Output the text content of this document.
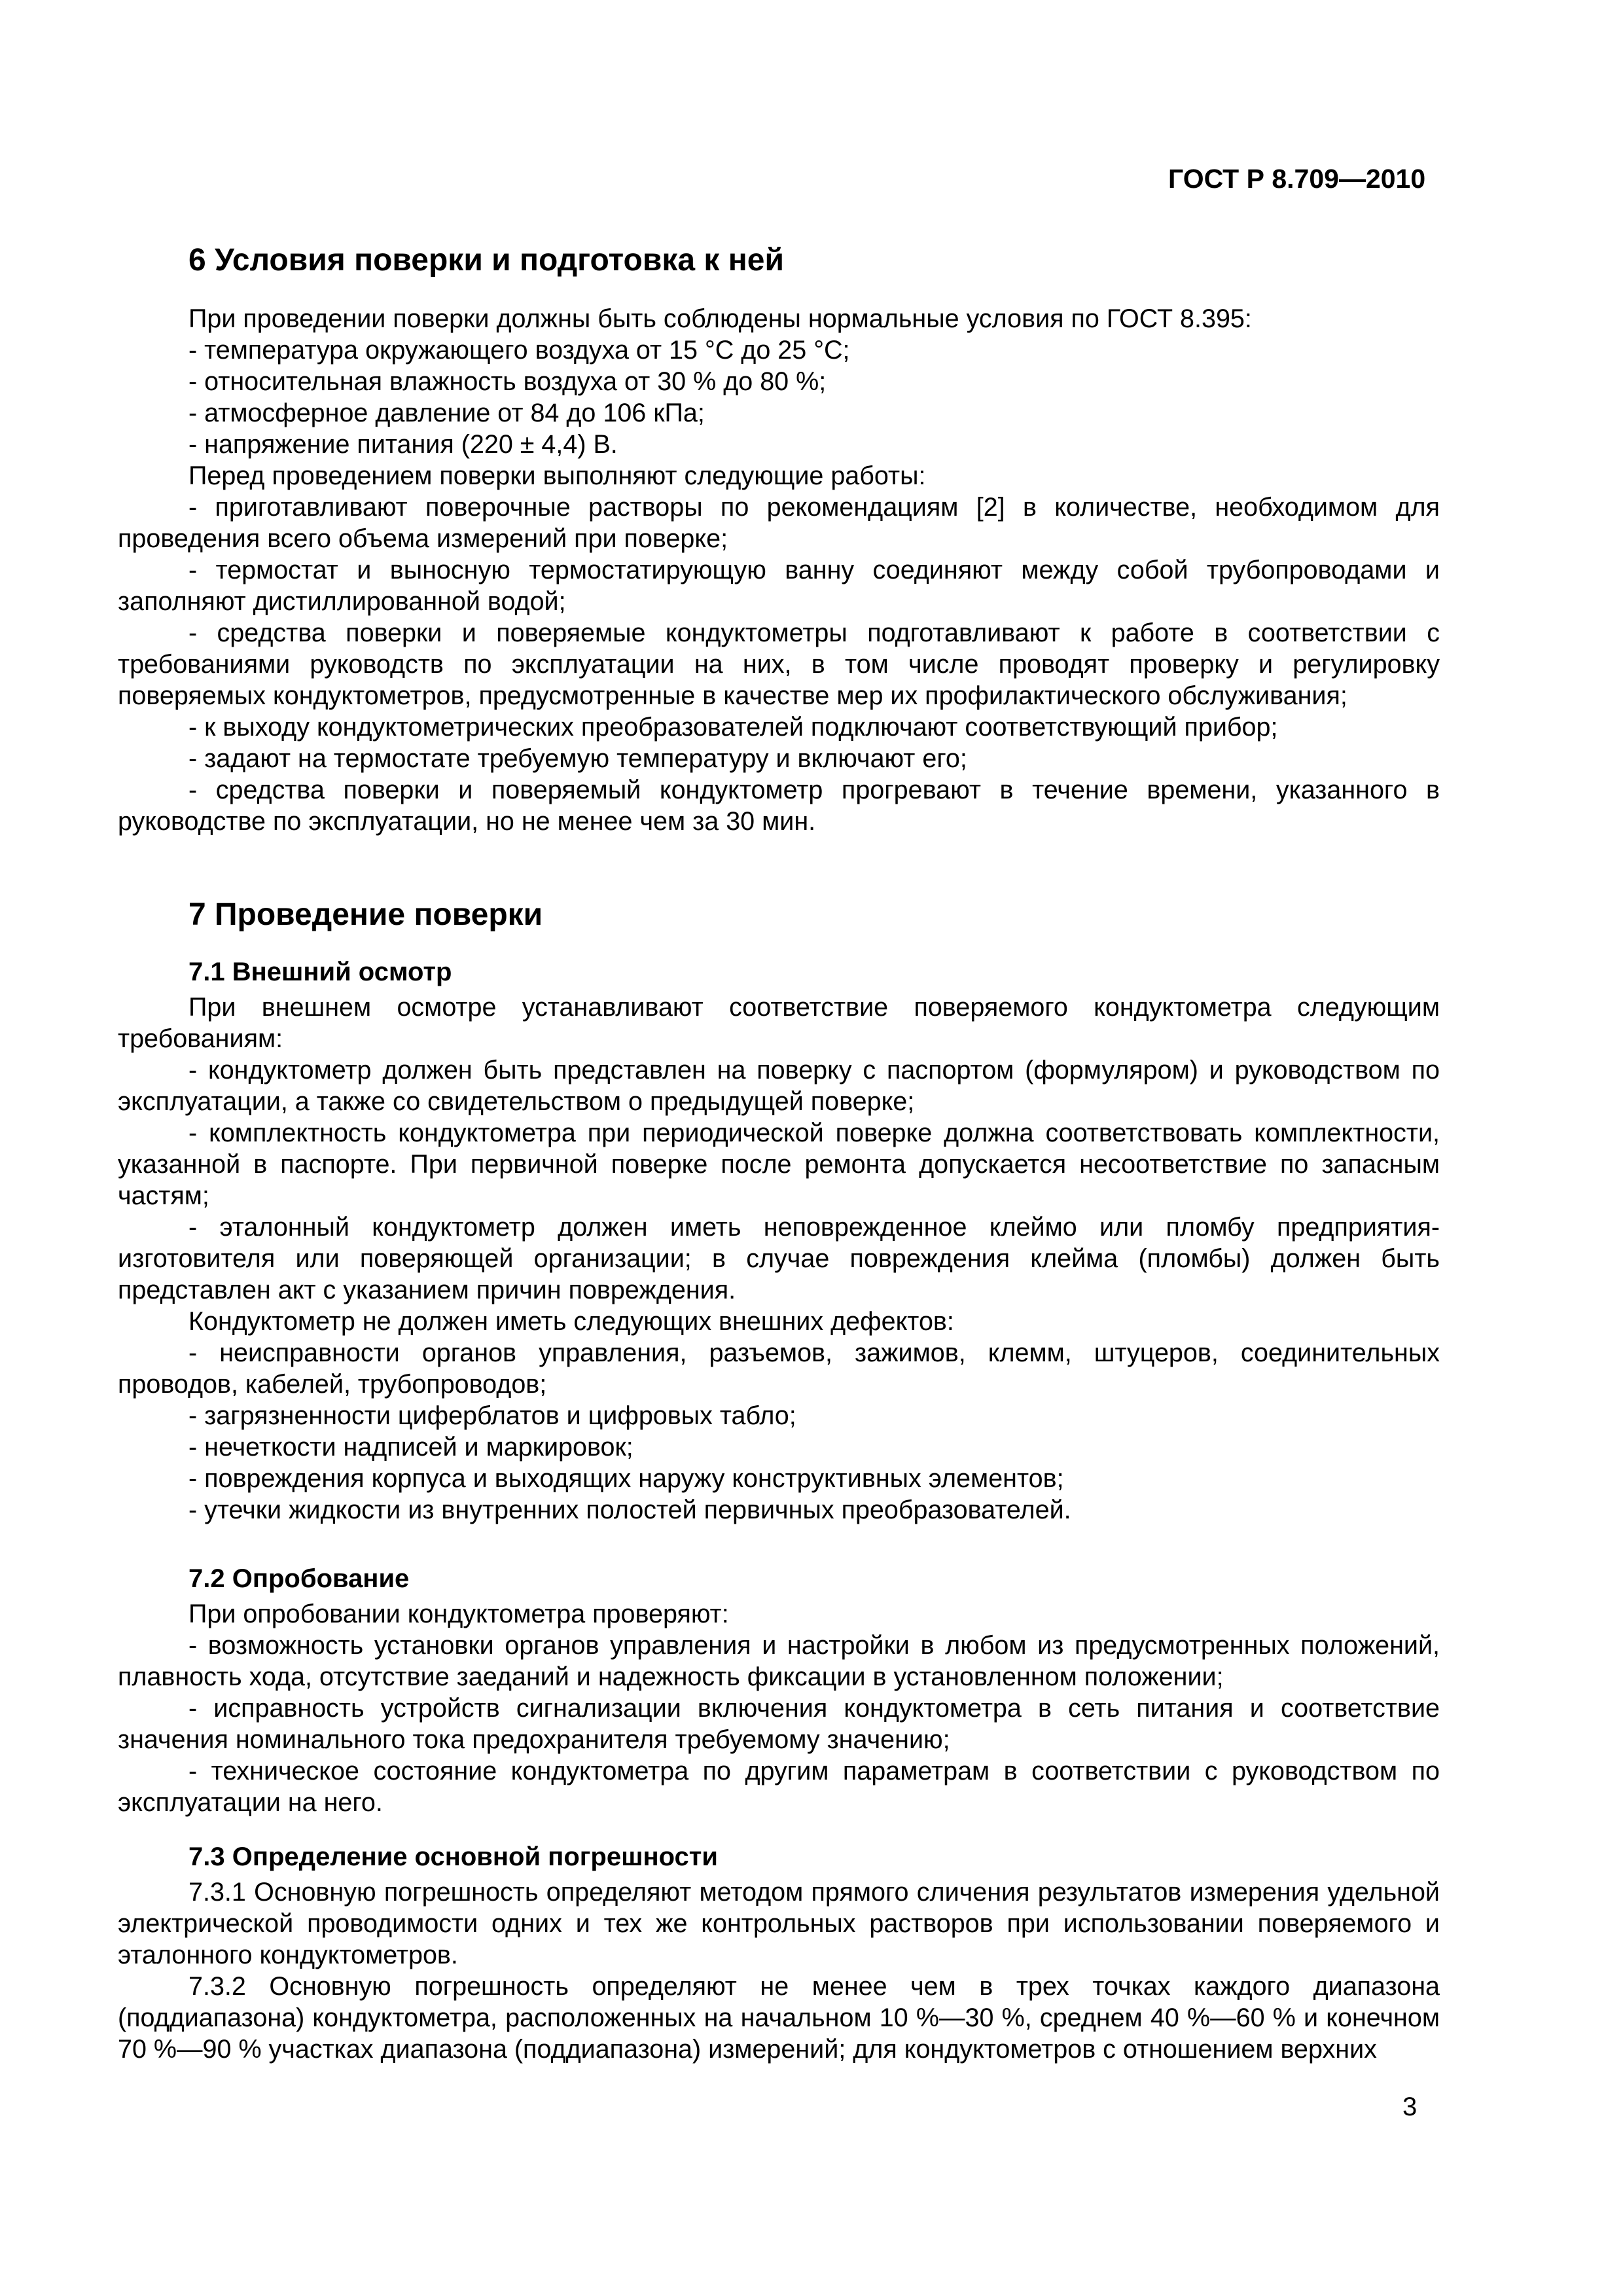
ГОСТ Р 8.709—2010
6 Условия поверки и подготовка к ней

При проведении поверки должны быть соблюдены нормальные условия по ГОСТ 8.395:

- температура окружающего воздуха от 15 °С до 25 °С;

- относительная влажность воздуха от 30 % до 80 %;

- атмосферное давление от 84 до 106 кПа;

- напряжение питания (220 ± 4,4) В.

Перед проведением поверки выполняют следующие работы:

- приготавливают поверочные растворы по рекомендациям [2] в количестве, необходимом для проведения всего объема измерений при поверке;

- термостат и выносную термостатирующую ванну соединяют между собой трубопроводами и заполняют дистиллированной водой;

- средства поверки и поверяемые кондуктометры подготавливают к работе в соответствии с требованиями руководств по эксплуатации на них, в том числе проводят проверку и регулировку поверяемых кондуктометров, предусмотренные в качестве мер их профилактического обслуживания;

- к выходу кондуктометрических преобразователей подключают соответствующий прибор;

- задают на термостате требуемую температуру и включают его;

- средства поверки и поверяемый кондуктометр прогревают в течение времени, указанного в руководстве по эксплуатации, но не менее чем за 30 мин.

7 Проведение поверки
7.1 Внешний осмотр

При внешнем осмотре устанавливают соответствие поверяемого кондуктометра следующим требованиям:

- кондуктометр должен быть представлен на поверку с паспортом (формуляром) и руководством по эксплуатации, а также со свидетельством о предыдущей поверке;

- комплектность кондуктометра при периодической поверке должна соответствовать комплектности, указанной в паспорте. При первичной поверке после ремонта допускается несоответствие по запасным частям;

- эталонный кондуктометр должен иметь неповрежденное клеймо или пломбу предприятия-изготовителя или поверяющей организации; в случае повреждения клейма (пломбы) должен быть представлен акт с указанием причин повреждения.

Кондуктометр не должен иметь следующих внешних дефектов:

- неисправности органов управления, разъемов, зажимов, клемм, штуцеров, соединительных проводов, кабелей, трубопроводов;

- загрязненности циферблатов и цифровых табло;

- нечеткости надписей и маркировок;

- повреждения корпуса и выходящих наружу конструктивных элементов;

- утечки жидкости из внутренних полостей первичных преобразователей.

7.2 Опробование

При опробовании кондуктометра проверяют:

- возможность установки органов управления и настройки в любом из предусмотренных положений, плавность хода, отсутствие заеданий и надежность фиксации в установленном положении;

- исправность устройств сигнализации включения кондуктометра в сеть питания и соответствие значения номинального тока предохранителя требуемому значению;

- техническое состояние кондуктометра по другим параметрам в соответствии с руководством по эксплуатации на него.

7.3 Определение основной погрешности

7.3.1 Основную погрешность определяют методом прямого сличения результатов измерения удельной электрической проводимости одних и тех же контрольных растворов при использовании поверяемого и эталонного кондуктометров.

7.3.2 Основную погрешность определяют не менее чем в трех точках каждого диапазона (поддиапазона) кондуктометра, расположенных на начальном 10 %—30 %, среднем 40 %—60 % и конечном 70 %—90 % участках диапазона (поддиапазона) измерений; для кондуктометров с отношением верхних

3
